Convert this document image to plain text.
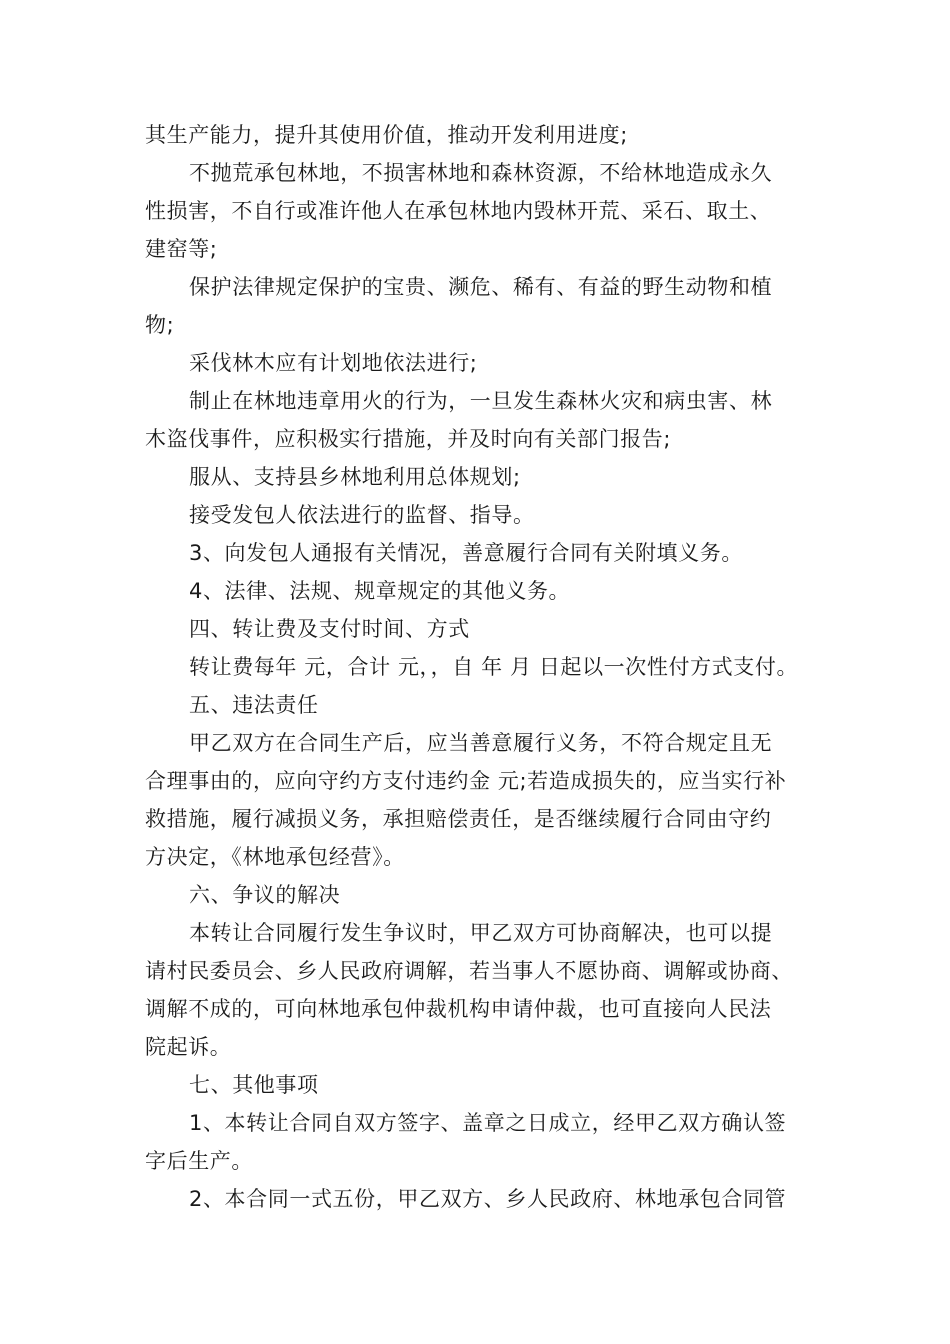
其生产能力，提升其使用价值，推动开发利用进度;
不抛荒承包林地，不损害林地和森林资源，不给林地造成永久
性损害，不自行或准许他人在承包林地内毁林开荒、采石、取土、
建窑等;
保护法律规定保护的宝贵、濒危、稀有、有益的野生动物和植
物;
采伐林木应有计划地依法进行;
制止在林地违章用火的行为，一旦发生森林火灾和病虫害、林
木盗伐事件，应积极实行措施，并及时向有关部门报告;
服从、支持县乡林地利用总体规划;
接受发包人依法进行的监督、指导。
3、向发包人通报有关情况，善意履行合同有关附填义务。
4、法律、法规、规章规定的其他义务。
四、转让费及支付时间、方式
转让费每年 元，合计 元，，自 年 月 日起以一次性付方式支付。
五、违法责任
甲乙双方在合同生产后，应当善意履行义务，不符合规定且无
合理事由的，应向守约方支付违约金 元;若造成损失的，应当实行补
救措施，履行减损义务，承担赔偿责任，是否继续履行合同由守约
方决定，《林地承包经营》。
六、争议的解决
本转让合同履行发生争议时，甲乙双方可协商解决，也可以提
请村民委员会、乡人民政府调解，若当事人不愿协商、调解或协商、
调解不成的，可向林地承包仲裁机构申请仲裁，也可直接向人民法
院起诉。
七、其他事项
1、本转让合同自双方签字、盖章之日成立，经甲乙双方确认签
字后生产。
2、本合同一式五份，甲乙双方、乡人民政府、林地承包合同管
